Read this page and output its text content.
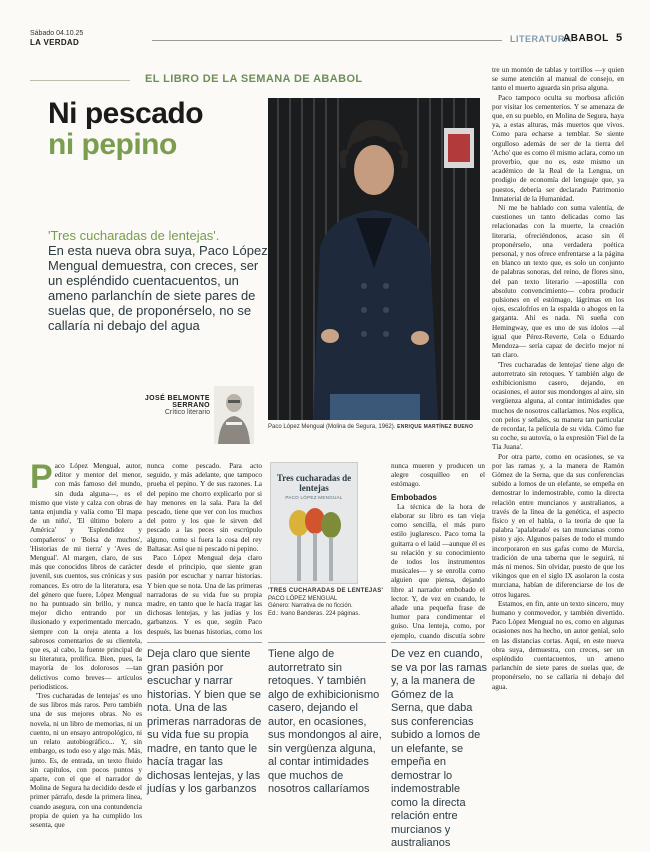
Sábado 04.10.25
LA VERDAD	LITERATURA
ABABOL 5
EL LIBRO DE LA SEMANA DE ABABOL
Ni pescado
ni pepino

'Tres cucharadas de lentejas'.

En esta nueva obra suya, Paco López Mengual demuestra, con creces, ser un espléndido cuentacuentos, un ameno parlanchín de siete pares de suelas que, de proponérselo, no se callaría ni debajo del agua

JOSÉ BELMONTE SERRANO
Crítico literario
Paco López Mengual (Molina de Segura, 1962). ENRIQUE MARTÍNEZ BUENO

Paco López Mengual, autor, editor y mentor del menor, con más famoso del mundo, sin duda alguna—, es el mismo que viste y calza con obras de tanta enjundia y valía como 'El mapa de un niño', 'El último bolero a América' y 'Esplendidez y compañeros' o 'Bolsa de muchos', 'Historias de mi tierra' y 'Aves de Mengual'. Al margen, claro, de sus más que conocidos libros de carácter juvenil, sus cuentos, sus crónicas y sus romances. Es otro de la literatura, esa del género que fuere, López Mengual no ha puntuado sin brillo, y nunca mejor dicho entrando por un ilusionado y experimentado mercado, siempre con la oreja atenta a los sabrosos comentarios de su clientela, que es, al cabo, la fuente principal de su literatura, prolífica. Bien, pues, la mayoría de los dolorosos —tan delictivos como breves— artículos periodísticos.

'Tres cucharadas de lentejas' es uno de sus libros más raros. Pero también una de sus mejores obras. No es novela, ni un libro de memorias, ni un cuento, ni un ensayo antropológico, ni un relato autobiográfico... Y, sin embargo, es todo eso y algo más. Más, junto. Es, de entrada, un texto fluido sin capítulos, con pocos puntos y aparte, con el que el narrador de Molina de Segura ha decidido desde el primer párrafo, desde la primera línea, cuando asegura, con una contundencia propia de quien ya ha cumplido los sesenta, que

nunca come pescado. Para acto seguido, y más adelante, que tampoco prueba el pepino. Y de sus razones. La del pepino me chorro explicarlo por si hay menores en la sala. Para la del pescado, tiene que ver con los muchos del potro y los que le sirven del pescado a las peces sin escrúpulo alguno, como si fuera la cosa del rey Baltasar. Así que ni pescado ni pepino.

Paco López Mengual deja claro desde el principio, que siente gran pasión por escuchar y narrar historias. Y bien que se nota. Una de las primeras narradoras de su vida fue su propia madre, en tanto que le hacía tragar las dichosas lentejas, y las judías y los garbanzos. Y es que, según Paco después, las buenas historias, como los

Tres cucharadas de lentejas
PACO LÓPEZ MENGUAL
'TRES CUCHARADAS DE LENTEJAS'
PACO LÓPEZ MENGUAL
Género: Narrativa de no ficción.
Ed.: Ivano Banderas. 224 páginas.

nunca mueren y producen un alegre cosquilleo en el estómago.

Embobados

La técnica de la hora de elaborar su libro es tan vieja como sencilla, el más puro estilo juglaresco. Paco toma la guitarra o el laúd —aunque él es su relación y su conocimiento de todos los instrumentos musicales— y se enrolla como alguien que piensa, dejando libre al narrador embobado el lector. Y, de vez en cuando, le añade una pequeña frase de humor para condimentar el guiso. Una lenteja, como, por ejemplo, cuando discutía sobre

tre un montón de tablas y torrillos —y quien se sume atención al manual de consejo, en tanto el muerto aguarda sin prisa alguna.

Paco tampoco oculta su morbosa afición por visitar los cementerios. Y se amenaza de que, en su pueblo, en Molina de Segura, haya ya, a estas alturas, más muertos que vivos. Como para echarse a temblar. Se siente orgulloso además de ser de la tierra del 'Acho' que es como él mismo aclara, como un proverbio, que no es, este mismo un académico de la Real de la Lengua, un prodigio de economía del lenguaje que, ya puestos, debería ser declarado Patrimonio Inmaterial de la Humanidad.

Ni me he hablado con suma valentía, de cuestiones un tanto delicadas como las relacionadas con la muerte, la creación literaria, ofreciéndonos, acaso sin él proponérselo, una verdadera poética personal, y nos ofrece enfrentarse a la página en blanco un texto que, es solo un conjunto de palabras sonoras, del reino, de flores sino, del pan texto literario —apostilla con absoluto convencimiento— cobra producir pulsiones en el estómago, lágrimas en los ojos, escalofríos en la espalda o ahogos en la garganta. Ahí es nada. Ni sueña con Hemingway, que es uno de sus ídolos —al igual que Pérez-Reverte, Cela o Eduardo Mendoza— sería capaz de decirlo mejor ni tan claro.

'Tres cucharadas de lentejas' tiene algo de autorretrato sin retoques. Y también algo de exhibicionismo casero, dejando, en ocasiones, el autor sus mondongos al aire, sin vergüenza alguna, al contar intimidades que muchos de nosotros callaríamos. Nos explica, con pelos y señales, su manera tan particular de recordar, la película de su vida. Cómo fue su coche, su autovía, o la expresión 'Fiel de la Tía Juana'.

Por otra parte, como en ocasiones, se va por las ramas y, a la manera de Ramón Gómez de la Serna, que da sus conferencias subido a lomos de un elefante, se empeña en demostrar lo indemostrable, como la directa relación entre muncianos y australianos, a través de la línea de la genética, el aspecto físico y en el habla, o la teoría de que la palabra 'apalabrado' es tan muncianas como pisto y ajo. Algunos países de todo el mundo incorporaron en sus gafas como de Murcia, tradición de una taberna que le seguirá, ni más ni menos. Sin olvidar, puesto de que los vikingos que en el siglo IX asolaron la costa murciana, habían de diferenciarse de los de otros lugares.

Estamos, en fin, ante un texto sincero, muy humano y conmovedor, y también divertido. Paco López Mengual no es, como en algunas ocasiones nos ha hecho, un autor genial, solo en las distancias cortas. Aquí, en este nueva obra suya, demuestra, con creces, ser un espléndido cuentacuentos, un ameno parlanchín de siete pares de suelas que, de proponérselo, no se callaría ni debajo del agua.

Deja claro que siente gran pasión por escuchar y narrar historias. Y bien que se nota. Una de las primeras narradoras de su vida fue su propia madre, en tanto que le hacía tragar las dichosas lentejas, y las judías y los garbanzos
Tiene algo de autorretrato sin retoques. Y también algo de exhibicionismo casero, dejando el autor, en ocasiones, sus mondongos al aire, sin vergüenza alguna, al contar intimidades que muchos de nosotros callaríamos
De vez en cuando, se va por las ramas y, a la manera de Gómez de la Serna, que daba sus conferencias subido a lomos de un elefante, se empeña en demostrar lo indemostrable como la directa relación entre murcianos y australianos
